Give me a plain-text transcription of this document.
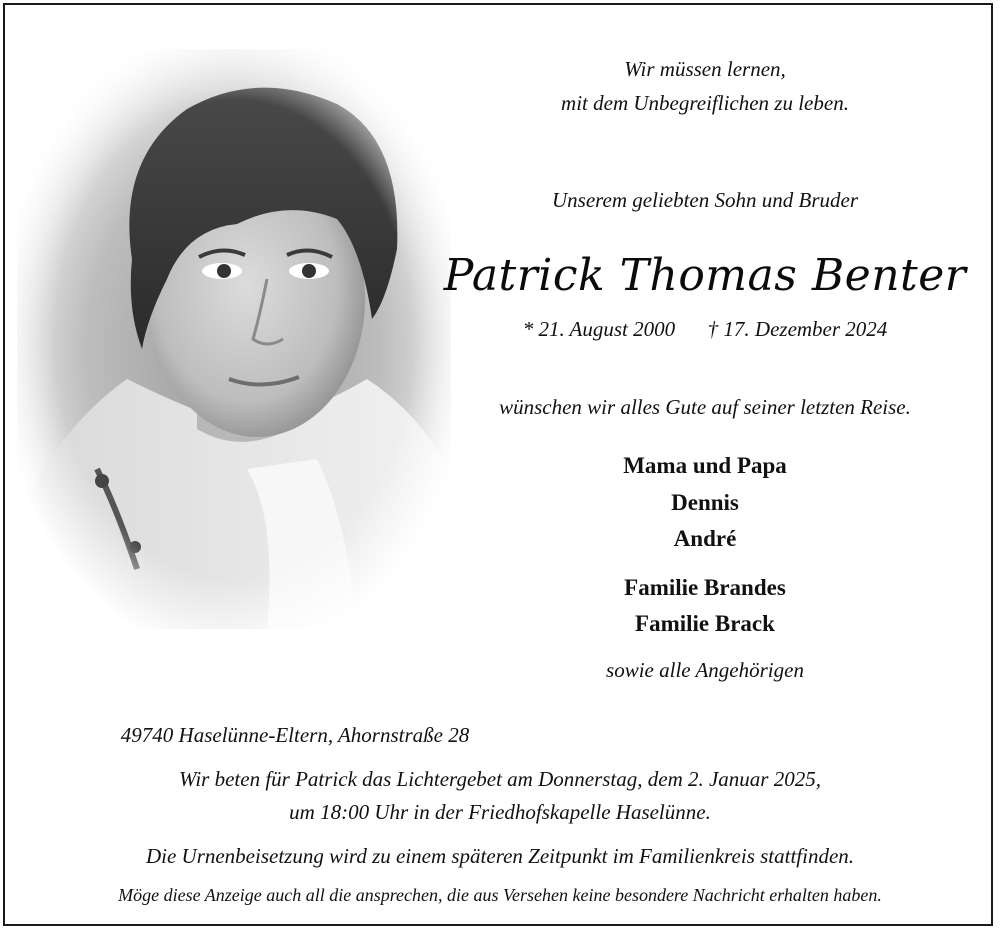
Wir müssen lernen,
mit dem Unbegreiflichen zu leben.
Unserem geliebten Sohn und Bruder
Patrick Thomas Benter
* 21. August 2000 † 17. Dezember 2024
wünschen wir alles Gute auf seiner letzten Reise.
Mama und Papa
Dennis
André
Familie Brandes
Familie Brack
sowie alle Angehörigen
49740 Haselünne-Eltern, Ahornstraße 28
Wir beten für Patrick das Lichtergebet am Donnerstag, dem 2. Januar 2025,
um 18:00 Uhr in der Friedhofskapelle Haselünne.
Die Urnenbeisetzung wird zu einem späteren Zeitpunkt im Familienkreis stattfinden.
Möge diese Anzeige auch all die ansprechen, die aus Versehen keine besondere Nachricht erhalten haben.
